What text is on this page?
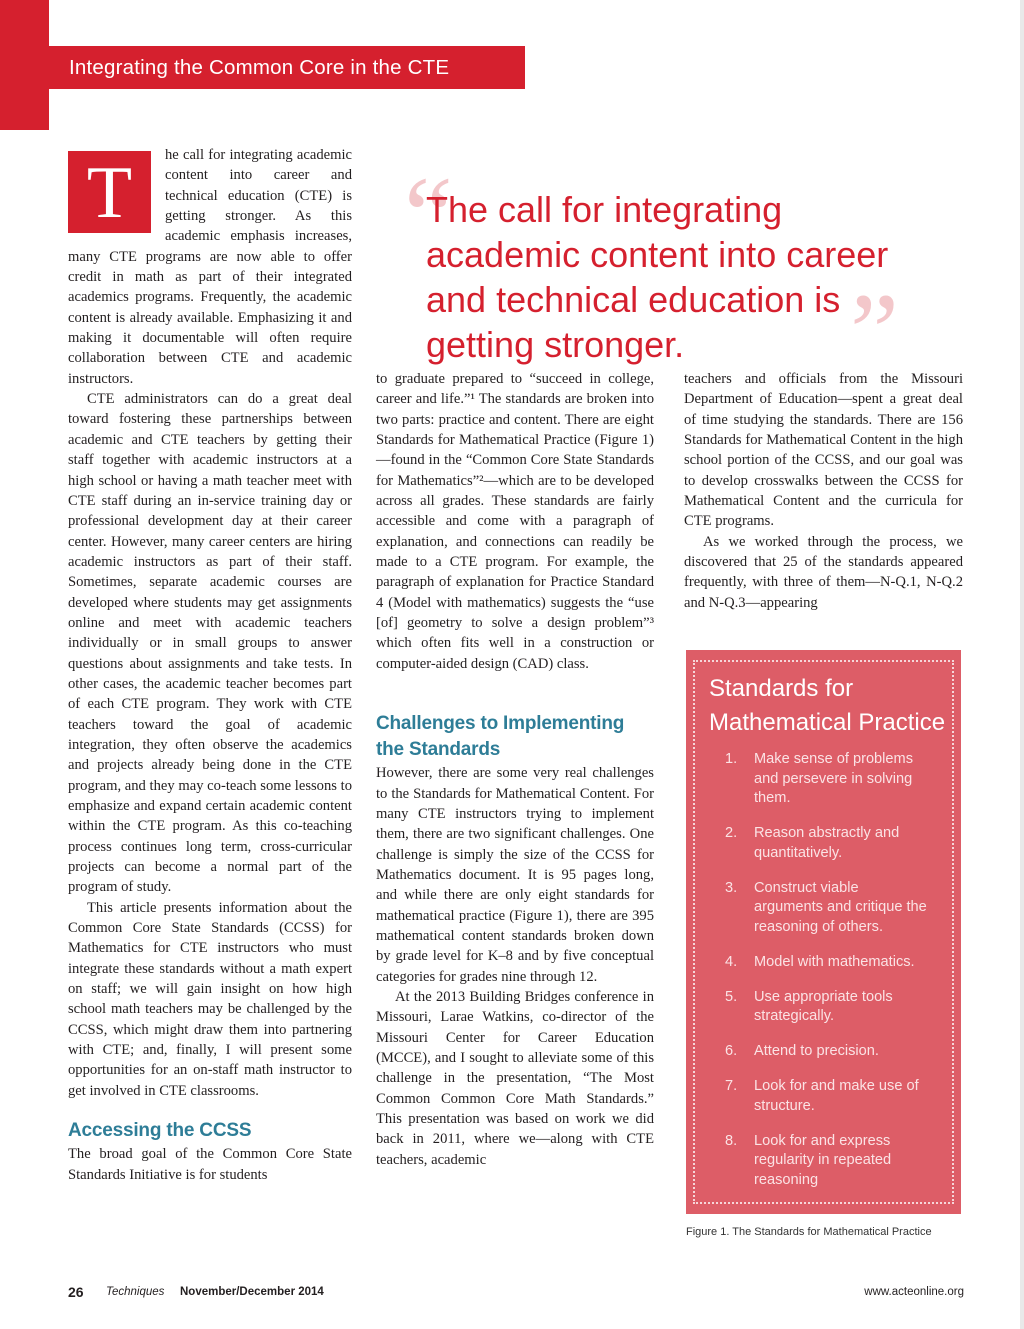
Integrating the Common Core in the CTE Classroom
T	he call for integrating academic content into career and technical education (CTE) is getting stronger. As this academic emphasis increases, many CTE programs are now able to offer credit in math as part of their integrated academics programs. Frequently, the academic content is already available. Emphasizing it and making it documentable will often require collaboration between CTE and academic instructors.

CTE administrators can do a great deal toward fostering these partnerships between academic and CTE teachers by getting their staff together with academic instructors at a high school or having a math teacher meet with CTE staff during an in-service training day or professional development day at their career center. However, many career centers are hiring academic instructors as part of their staff. Sometimes, separate academic courses are developed where students may get assignments online and meet with academic teachers individually or in small groups to answer questions about assignments and take tests. In other cases, the academic teacher becomes part of each CTE program. They work with CTE teachers toward the goal of academic integration, they often observe the academics and projects already being done in the CTE program, and they may co-teach some lessons to emphasize and expand certain academic content within the CTE program. As this co-teaching process continues long term, cross-curricular projects can become a normal part of the program of study.

This article presents information about the Common Core State Standards (CCSS) for Mathematics for CTE instructors who must integrate these standards without a math expert on staff; we will gain insight on how high school math teachers may be challenged by the CCSS, which might draw them into partnering with CTE; and, finally, I will present some opportunities for an on-staff math instructor to get involved in CTE classrooms.

Accessing the CCSS

The broad goal of the Common Core State Standards Initiative is for students

“
The call for integrating academic content into career and technical education is getting stronger.	”

to graduate prepared to “succeed in college, career and life.”¹ The standards are broken into two parts: practice and content. There are eight Standards for Mathematical Practice (Figure 1)—found in the “Common Core State Standards for Mathematics”²—which are to be developed across all grades. These standards are fairly accessible and come with a paragraph of explanation, and connections can readily be made to a CTE program. For example, the paragraph of explanation for Practice Standard 4 (Model with mathematics) suggests the “use [of] geometry to solve a design problem”³ which often fits well in a construction or computer-aided design (CAD) class.

Challenges to Implementing the Standards

However, there are some very real challenges to the Standards for Mathematical Content. For many CTE instructors trying to implement them, there are two significant challenges. One challenge is simply the size of the CCSS for Mathematics document. It is 95 pages long, and while there are only eight standards for mathematical practice (Figure 1), there are 395 mathematical content standards broken down by grade level for K–8 and by five conceptual categories for grades nine through 12.

At the 2013 Building Bridges conference in Missouri, Larae Watkins, co-director of the Missouri Center for Career Education (MCCE), and I sought to alleviate some of this challenge in the presentation, “The Most Common Common Core Math Standards.” This presentation was based on work we did back in 2011, where we—along with CTE teachers, academic

teachers and officials from the Missouri Department of Education—spent a great deal of time studying the standards. There are 156 Standards for Mathematical Content in the high school portion of the CCSS, and our goal was to develop crosswalks between the CCSS for Mathematical Content and the curricula for CTE programs.

As we worked through the process, we discovered that 25 of the standards appeared frequently, with three of them—N-Q.1, N-Q.2 and N-Q.3—appearing

Standards for Mathematical Practice
1.	Make sense of problems and persevere in solving them.
2.	Reason abstractly and quantitatively.
3.	Construct viable arguments and critique the reasoning of others.
4.	Model with mathematics.
5.	Use appropriate tools strategically.
6.	Attend to precision.
7.	Look for and make use of structure.
8.	Look for and express regularity in repeated reasoning
Figure 1. The Standards for Mathematical Practice
26 Techniques November/December 2014	www.acteonline.org
